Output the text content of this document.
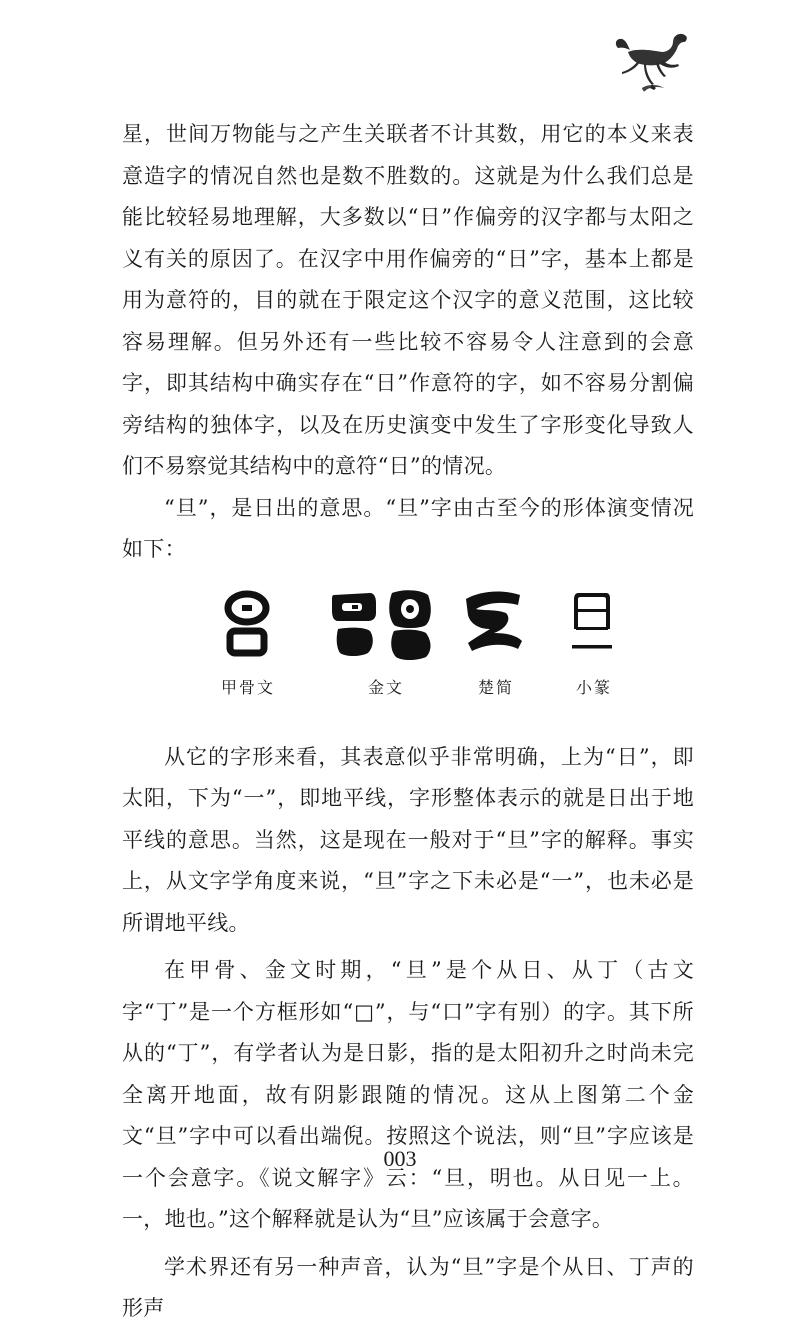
星，世间万物能与之产生关联者不计其数，用它的本义来表意造字的情况自然也是数不胜数的。这就是为什么我们总是能比较轻易地理解，大多数以“日”作偏旁的汉字都与太阳之义有关的原因了。在汉字中用作偏旁的“日”字，基本上都是用为意符的，目的就在于限定这个汉字的意义范围，这比较容易理解。但另外还有一些比较不容易令人注意到的会意字，即其结构中确实存在“日”作意符的字，如不容易分割偏旁结构的独体字，以及在历史演变中发生了字形变化导致人们不易察觉其结构中的意符“日”的情况。

“旦”，是日出的意思。“旦”字由古至今的形体演变情况如下：

甲骨文	金文	楚简	小篆

从它的字形来看，其表意似乎非常明确，上为“日”，即太阳，下为“一”，即地平线，字形整体表示的就是日出于地平线的意思。当然，这是现在一般对于“旦”字的解释。事实上，从文字学角度来说，“旦”字之下未必是“一”，也未必是所谓地平线。

在甲骨、金文时期，“旦”是个从日、从丁（古文字“丁”是一个方框形如“□”，与“口”字有别）的字。其下所从的“丁”，有学者认为是日影，指的是太阳初升之时尚未完全离开地面，故有阴影跟随的情况。这从上图第二个金文“旦”字中可以看出端倪。按照这个说法，则“旦”字应该是一个会意字。《说文解字》云：“旦，明也。从日见一上。一，地也。”这个解释就是认为“旦”应该属于会意字。

学术界还有另一种声音，认为“旦”字是个从日、丁声的形声

003
